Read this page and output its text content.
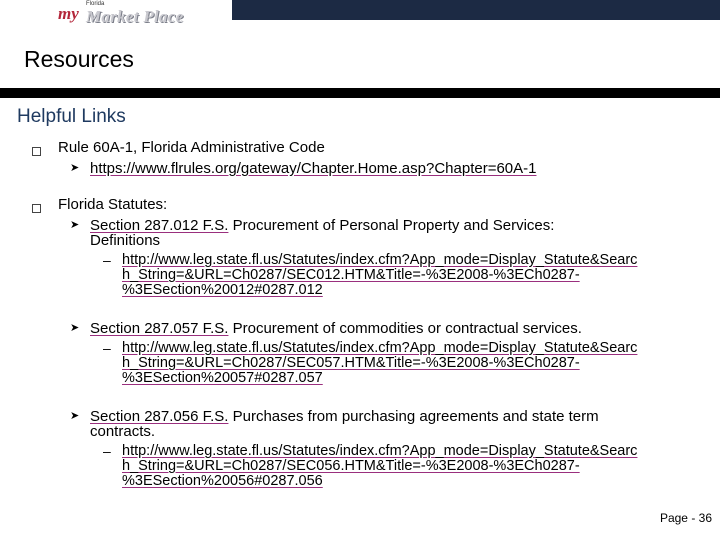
my Florida
Market Place
Resources
Helpful Links
Rule 60A-1, Florida Administrative Code
➤ https://www.flrules.org/gateway/Chapter.Home.asp?Chapter=60A-1
Florida Statutes:
➤ Section 287.012 F.S. Procurement of Personal Property and Services:
Definitions
– http://www.leg.state.fl.us/Statutes/index.cfm?App_mode=Display_Statute&Searc
h_String=&URL=Ch0287/SEC012.HTM&Title=-%3E2008-%3ECh0287-
%3ESection%20012#0287.012
➤ Section 287.057 F.S. Procurement of commodities or contractual services.
– http://www.leg.state.fl.us/Statutes/index.cfm?App_mode=Display_Statute&Searc
h_String=&URL=Ch0287/SEC057.HTM&Title=-%3E2008-%3ECh0287-
%3ESection%20057#0287.057
➤ Section 287.056 F.S. Purchases from purchasing agreements and state term
contracts.
– http://www.leg.state.fl.us/Statutes/index.cfm?App_mode=Display_Statute&Searc
h_String=&URL=Ch0287/SEC056.HTM&Title=-%3E2008-%3ECh0287-
%3ESection%20056#0287.056
Page - 36
